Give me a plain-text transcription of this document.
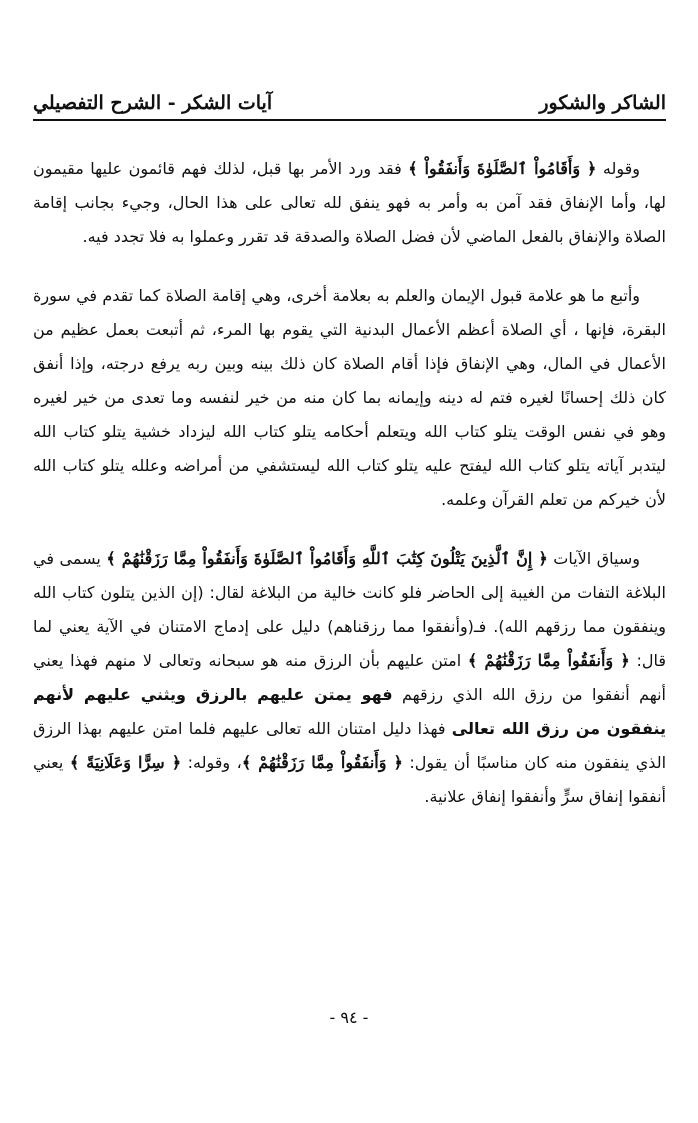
الشاكر والشكور
آيات الشكر - الشرح التفصيلي

وقوله ﴿ وَأَقَامُواْ ٱلصَّلَوٰةَ وَأَنفَقُواْ ﴾ فقد ورد الأمر بها قبل، لذلك فهم قائمون عليها مقيمون لها، وأما الإنفاق فقد آمن به وأمر به فهو ينفق لله تعالى على هذا الحال، وجيء بجانب إقامة الصلاة والإنفاق بالفعل الماضي لأن فضل الصلاة والصدقة قد تقرر وعملوا به فلا تجدد فيه.

وأتبع ما هو علامة قبول الإيمان والعلم به بعلامة أخرى، وهي إقامة الصلاة كما تقدم في سورة البقرة، فإنها ، أي الصلاة أعظم الأعمال البدنية التي يقوم بها المرء، ثم أتبعت بعمل عظيم من الأعمال في المال، وهي الإنفاق فإذا أقام الصلاة كان ذلك بينه وبين ربه يرفع درجته، وإذا أنفق كان ذلك إحسانًا لغيره فتم له دينه وإيمانه بما كان منه من خير لنفسه وما تعدى من خير لغيره وهو في نفس الوقت يتلو كتاب الله ويتعلم أحكامه يتلو كتاب الله ليزداد خشية يتلو كتاب الله ليتدبر آياته يتلو كتاب الله ليفتح عليه يتلو كتاب الله ليستشفي من أمراضه وعلله يتلو كتاب الله لأن خيركم من تعلم القرآن وعلمه.

وسياق الآيات ﴿ إِنَّ ٱلَّذِينَ يَتْلُونَ كِتَٰبَ ٱللَّهِ وَأَقَامُواْ ٱلصَّلَوٰةَ وَأَنفَقُواْ مِمَّا رَزَقْنَٰهُمْ ﴾ يسمى في البلاغة التفات من الغيبة إلى الحاضر فلو كانت خالية من البلاغة لقال: (إن الذين يتلون كتاب الله وينفقون مما رزقهم الله). فـ(وأنفقوا مما رزقناهم) دليل على إدماج الامتنان في الآية يعني لما قال: ﴿ وَأَنفَقُواْ مِمَّا رَزَقْنَٰهُمْ ﴾ امتن عليهم بأن الرزق منه هو سبحانه وتعالى لا منهم فهذا يعني أنهم أنفقوا من رزق الله الذي رزقهم فهو يمتن عليهم بالرزق ويثني عليهم لأنهم ينفقون من رزق الله تعالى فهذا دليل امتنان الله تعالى عليهم فلما امتن عليهم بهذا الرزق الذي ينفقون منه كان مناسبًا أن يقول: ﴿ وَأَنفَقُواْ مِمَّا رَزَقْنَٰهُمْ ﴾، وقوله: ﴿ سِرًّا وَعَلَانِيَةً ﴾ يعني أنفقوا إنفاق سرٍّ وأنفقوا إنفاق علانية.

- ٩٤ -
